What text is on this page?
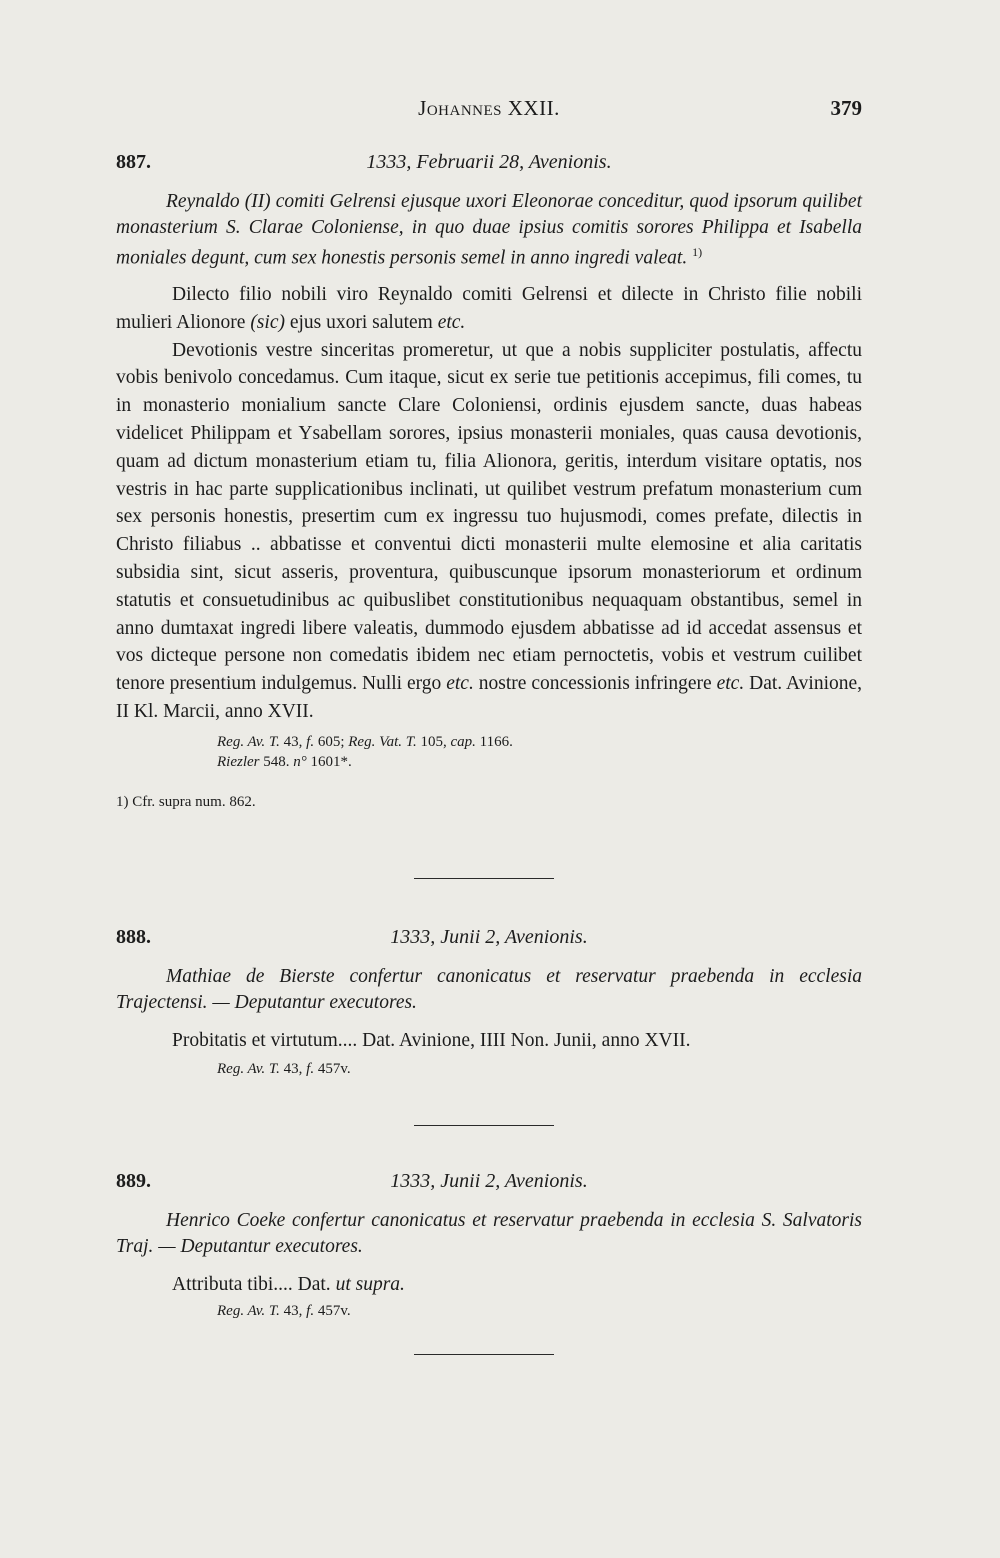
Johannes XXII.	379
887.	1333, Februarii 28, Avenionis.

Reynaldo (II) comiti Gelrensi ejusque uxori Eleonorae conceditur, quod ipsorum quilibet monasterium S. Clarae Coloniense, in quo duae ipsius comitis sorores Philippa et Isabella moniales degunt, cum sex honestis personis semel in anno ingredi valeat. $^{1)}$

Dilecto filio nobili viro Reynaldo comiti Gelrensi et dilecte in Christo filie nobili mulieri Alionore (sic) ejus uxori salutem etc.

Devotionis vestre sinceritas promeretur, ut que a nobis suppliciter postulatis, affectu vobis benivolo concedamus. Cum itaque, sicut ex serie tue petitionis accepimus, fili comes, tu in monasterio monialium sancte Clare Coloniensi, ordinis ejusdem sancte, duas habeas videlicet Philippam et Ysabellam sorores, ipsius monasterii moniales, quas causa devotionis, quam ad dictum monasterium etiam tu, filia Alionora, geritis, interdum visitare optatis, nos vestris in hac parte supplicationibus inclinati, ut quilibet vestrum prefatum monasterium cum sex personis honestis, presertim cum ex ingressu tuo hujusmodi, comes prefate, dilectis in Christo filiabus .. abbatisse et conventui dicti monasterii multe elemosine et alia caritatis subsidia sint, sicut asseris, proventura, quibuscunque ipsorum monasteriorum et ordinum statutis et consuetudinibus ac quibuslibet constitutionibus nequaquam obstantibus, semel in anno dumtaxat ingredi libere valeatis, dummodo ejusdem abbatisse ad id accedat assensus et vos dicteque persone non comedatis ibidem nec etiam pernoctetis, vobis et vestrum cuilibet tenore presentium indulgemus. Nulli ergo etc. nostre concessionis infringere etc. Dat. Avinione, II Kl. Marcii, anno XVII.

Reg. Av. T. 43, f. 605; Reg. Vat. T. 105, cap. 1166.
Riezler 548. n° 1601*.
1) Cfr. supra num. 862.
888.	1333, Junii 2, Avenionis.

Mathiae de Bierste confertur canonicatus et reservatur praebenda in ecclesia Trajectensi. — Deputantur executores.

Probitatis et virtutum.... Dat. Avinione, IIII Non. Junii, anno XVII.

Reg. Av. T. 43, f. 457v.
889.	1333, Junii 2, Avenionis.

Henrico Coeke confertur canonicatus et reservatur praebenda in ecclesia S. Salvatoris Traj. — Deputantur executores.

Attributa tibi.... Dat. ut supra.

Reg. Av. T. 43, f. 457v.
